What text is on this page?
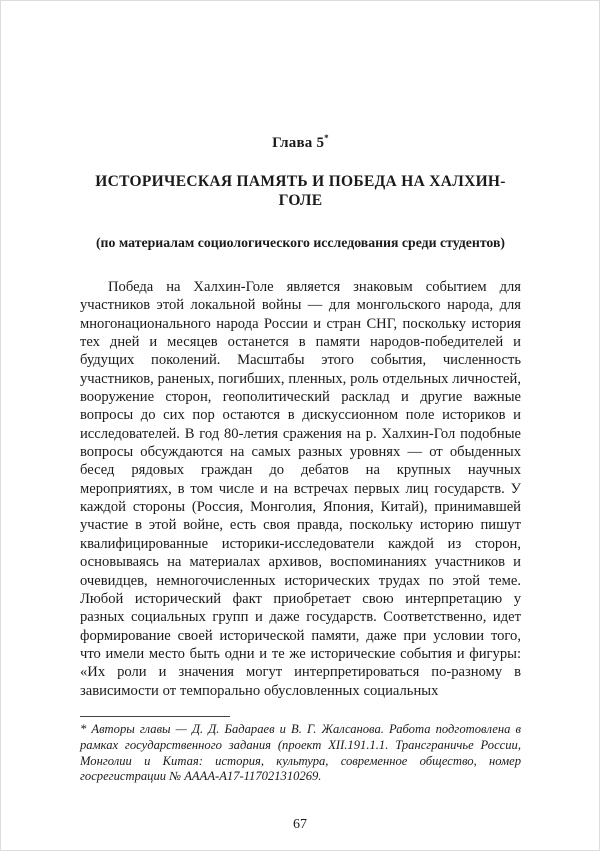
Глава 5*
ИСТОРИЧЕСКАЯ ПАМЯТЬ И ПОБЕДА НА ХАЛХИН-ГОЛЕ
(по материалам социологического исследования среди студентов)

Победа на Халхин-Голе является знаковым событием для участников этой локальной войны — для монгольского народа, для многонационального народа России и стран СНГ, поскольку история тех дней и месяцев останется в памяти народов-победителей и будущих поколений. Масштабы этого события, численность участников, раненых, погибших, пленных, роль отдельных личностей, вооружение сторон, геополитический расклад и другие важные вопросы до сих пор остаются в дискуссионном поле историков и исследователей. В год 80-летия сражения на р. Халхин-Гол подобные вопросы обсуждаются на самых разных уровнях — от обыденных бесед рядовых граждан до дебатов на крупных научных мероприятиях, в том числе и на встречах первых лиц государств. У каждой стороны (Россия, Монголия, Япония, Китай), принимавшей участие в этой войне, есть своя правда, поскольку историю пишут квалифицированные историки-исследователи каждой из сторон, основываясь на материалах архивов, воспоминаниях участников и очевидцев, немногочисленных исторических трудах по этой теме. Любой исторический факт приобретает свою интерпретацию у разных социальных групп и даже государств. Соответственно, идет формирование своей исторической памяти, даже при условии того, что имели место быть одни и те же исторические события и фигуры: «Их роли и значения могут интерпретироваться по-разному в зависимости от темпорально обусловленных социальных

* Авторы главы — Д. Д. Бадараев и В. Г. Жалсанова. Работа подготовлена в рамках государственного задания (проект XII.191.1.1. Трансграничье России, Монголии и Китая: история, культура, современное общество, номер госрегистрации № АААА-А17-117021310269.
67
